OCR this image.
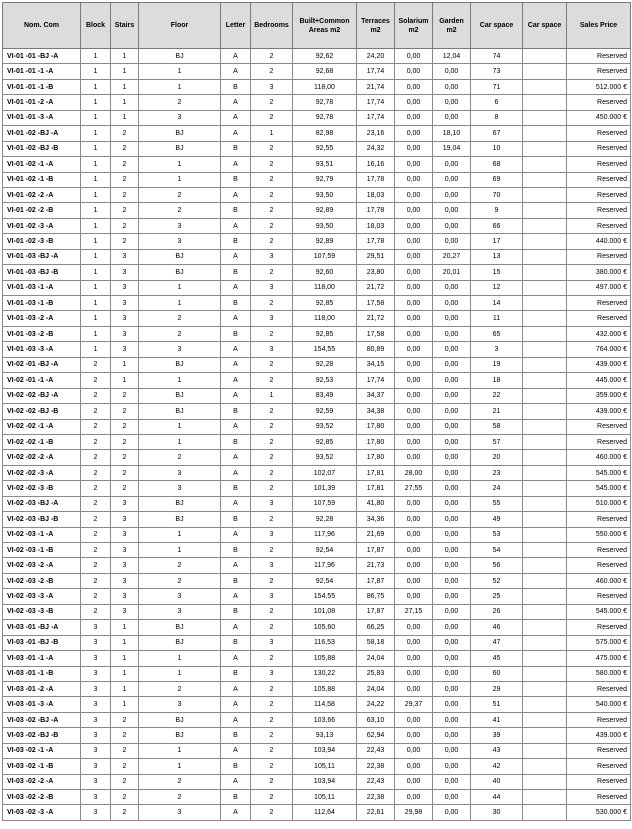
Nom. Com	Block	Stairs	Floor	Letter	Bedrooms	Built+Common Areas m2	Terraces m2	Solarium m2	Garden m2	Car space	Car space	Sales Price
VI-01 -01 -BJ -A	1	1	BJ	A	2	92,62	24,20	0,00	12,04	74		Reserved
VI-01 -01 -1 -A	1	1	1	A	2	92,68	17,74	0,00	0,00	73		Reserved
VI-01 -01 -1 -B	1	1	1	B	3	118,00	21,74	0,00	0,00	71		512.000 €
VI-01 -01 -2 -A	1	1	2	A	2	92,78	17,74	0,00	0,00	6		Reserved
VI-01 -01 -3 -A	1	1	3	A	2	92,78	17,74	0,00	0,00	8		450.000 €
VI-01 -02 -BJ -A	1	2	BJ	A	1	82,98	23,16	0,00	18,10	67		Reserved
VI-01 -02 -BJ -B	1	2	BJ	B	2	92,55	24,32	0,00	19,04	10		Reserved
VI-01 -02 -1 -A	1	2	1	A	2	93,51	16,16	0,00	0,00	68		Reserved
VI-01 -02 -1 -B	1	2	1	B	2	92,79	17,78	0,00	0,00	69		Reserved
VI-01 -02 -2 -A	1	2	2	A	2	93,50	18,03	0,00	0,00	70		Reserved
VI-01 -02 -2 -B	1	2	2	B	2	92,89	17,78	0,00	0,00	9		Reserved
VI-01 -02 -3 -A	1	2	3	A	2	93,50	18,03	0,00	0,00	66		Reserved
VI-01 -02 -3 -B	1	2	3	B	2	92,89	17,78	0,00	0,00	17		440.000 €
VI-01 -03 -BJ -A	1	3	BJ	A	3	107,59	29,51	0,00	20,27	13		Reserved
VI-01 -03 -BJ -B	1	3	BJ	B	2	92,60	23,80	0,00	20,01	15		380.000 €
VI-01 -03 -1 -A	1	3	1	A	3	118,00	21,72	0,00	0,00	12		497.000 €
VI-01 -03 -1 -B	1	3	1	B	2	92,85	17,58	0,00	0,00	14		Reserved
VI-01 -03 -2 -A	1	3	2	A	3	118,00	21,72	0,00	0,00	11		Reserved
VI-01 -03 -2 -B	1	3	2	B	2	92,85	17,58	0,00	0,00	65		432.000 €
VI-01 -03 -3 -A	1	3	3	A	3	154,55	80,89	0,00	0,00	3		764.000 €
VI-02 -01 -BJ -A	2	1	BJ	A	2	92,28	34,15	0,00	0,00	19		439.000 €
VI-02 -01 -1 -A	2	1	1	A	2	92,53	17,74	0,00	0,00	18		445.000 €
VI-02 -02 -BJ -A	2	2	BJ	A	1	83,49	34,37	0,00	0,00	22		359.000 €
VI-02 -02 -BJ -B	2	2	BJ	B	2	92,59	34,38	0,00	0,00	21		439.000 €
VI-02 -02 -1 -A	2	2	1	A	2	93,52	17,80	0,00	0,00	58		Reserved
VI-02 -02 -1 -B	2	2	1	B	2	92,85	17,80	0,00	0,00	57		Reserved
VI-02 -02 -2 -A	2	2	2	A	2	93,52	17,80	0,00	0,00	20		460.000 €
VI-02 -02 -3 -A	2	2	3	A	2	102,07	17,81	28,00	0,00	23		545.000 €
VI-02 -02 -3 -B	2	2	3	B	2	101,39	17,81	27,55	0,00	24		545.000 €
VI-02 -03 -BJ -A	2	3	BJ	A	3	107,59	41,80	0,00	0,00	55		510.000 €
VI-02 -03 -BJ -B	2	3	BJ	B	2	92,28	34,36	0,00	0,00	49		Reserved
VI-02 -03 -1 -A	2	3	1	A	3	117,96	21,69	0,00	0,00	53		550.000 €
VI-02 -03 -1 -B	2	3	1	B	2	92,54	17,87	0,00	0,00	54		Reserved
VI-02 -03 -2 -A	2	3	2	A	3	117,96	21,73	0,00	0,00	56		Reserved
VI-02 -03 -2 -B	2	3	2	B	2	92,54	17,87	0,00	0,00	52		460.000 €
VI-02 -03 -3 -A	2	3	3	A	3	154,55	86,75	0,00	0,00	25		Reserved
VI-02 -03 -3 -B	2	3	3	B	2	101,08	17,87	27,15	0,00	26		545.000 €
VI-03 -01 -BJ -A	3	1	BJ	A	2	105,60	66,25	0,00	0,00	46		Reserved
VI-03 -01 -BJ -B	3	1	BJ	B	3	116,53	58,18	0,00	0,00	47		575.000 €
VI-03 -01 -1 -A	3	1	1	A	2	105,88	24,04	0,00	0,00	45		475.000 €
VI-03 -01 -1 -B	3	1	1	B	3	130,22	25,83	0,00	0,00	60		580.000 €
VI-03 -01 -2 -A	3	1	2	A	2	105,88	24,04	0,00	0,00	29		Reserved
VI-03 -01 -3 -A	3	1	3	A	2	114,58	24,22	29,37	0,00	51		540.000 €
VI-03 -02 -BJ -A	3	2	BJ	A	2	103,66	63,10	0,00	0,00	41		Reserved
VI-03 -02 -BJ -B	3	2	BJ	B	2	93,13	62,94	0,00	0,00	39		439.000 €
VI-03 -02 -1 -A	3	2	1	A	2	103,94	22,43	0,00	0,00	43		Reserved
VI-03 -02 -1 -B	3	2	1	B	2	105,11	22,38	0,00	0,00	42		Reserved
VI-03 -02 -2 -A	3	2	2	A	2	103,94	22,43	0,00	0,00	40		Reserved
VI-03 -02 -2 -B	3	2	2	B	2	105,11	22,38	0,00	0,00	44		Reserved
VI-03 -02 -3 -A	3	2	3	A	2	112,64	22,61	29,98	0,00	30		530.000 €
